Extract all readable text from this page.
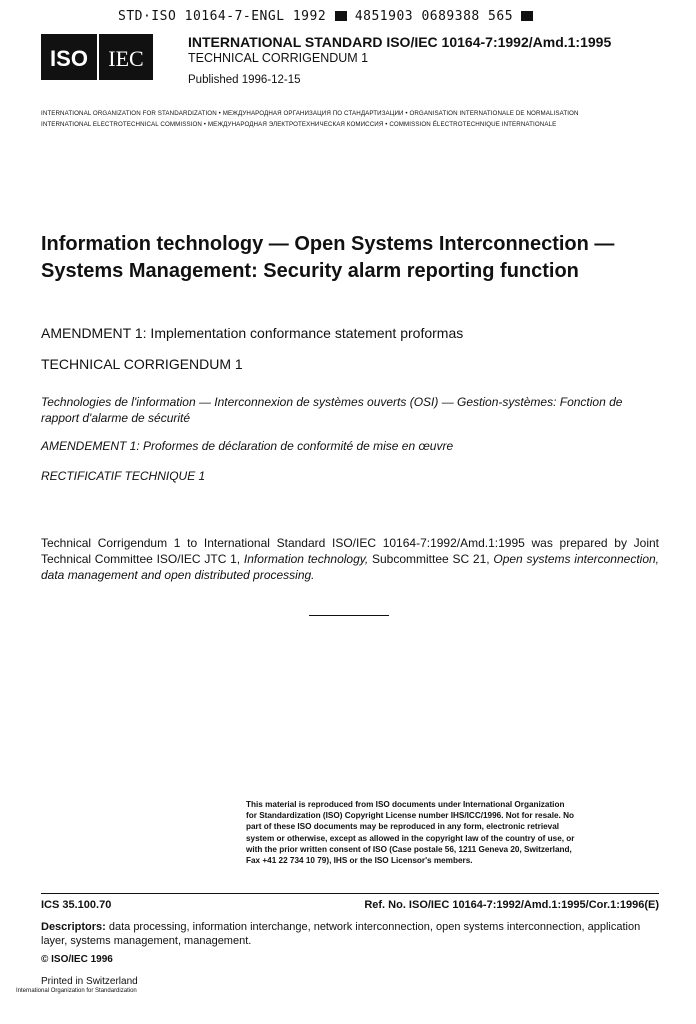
STD·ISO 10164-7-ENGL 1992 4851903 0689388 565
ISO IEC
INTERNATIONAL STANDARD ISO/IEC 10164-7:1992/Amd.1:1995
TECHNICAL CORRIGENDUM 1
Published 1996-12-15
INTERNATIONAL ORGANIZATION FOR STANDARDIZATION • МЕЖДУНАРОДНАЯ ОРГАНИЗАЦИЯ ПО СТАНДАРТИЗАЦИИ • ORGANISATION INTERNATIONALE DE NORMALISATION
INTERNATIONAL ELECTROTECHNICAL COMMISSION • МЕЖДУНАРОДНАЯ ЭЛЕКТРОТЕХНИЧЕСКАЯ КОМИССИЯ • COMMISSION ÉLECTROTECHNIQUE INTERNATIONALE
Information technology — Open Systems Interconnection — Systems Management: Security alarm reporting function
AMENDMENT 1: Implementation conformance statement proformas
TECHNICAL CORRIGENDUM 1
Technologies de l'information — Interconnexion de systèmes ouverts (OSI) — Gestion-systèmes: Fonction de rapport d'alarme de sécurité
AMENDEMENT 1: Proformes de déclaration de conformité de mise en œuvre
RECTIFICATIF TECHNIQUE 1

Technical Corrigendum 1 to International Standard ISO/IEC 10164-7:1992/Amd.1:1995 was prepared by Joint Technical Committee ISO/IEC JTC 1, Information technology, Subcommittee SC 21, Open systems interconnection, data management and open distributed processing.

This material is reproduced from ISO documents under International Organization for Standardization (ISO) Copyright License number IHS/ICC/1996. Not for resale. No part of these ISO documents may be reproduced in any form, electronic retrieval system or otherwise, except as allowed in the copyright law of the country of use, or with the prior written consent of ISO (Case postale 56, 1211 Geneva 20, Switzerland, Fax +41 22 734 10 79), IHS or the ISO Licensor's members.

ICS 35.100.70	Ref. No. ISO/IEC 10164-7:1992/Amd.1:1995/Cor.1:1996(E)

Descriptors: data processing, information interchange, network interconnection, open systems interconnection, application layer, systems management, management.

© ISO/IEC 1996
Printed in Switzerland
International Organization for Standardization
